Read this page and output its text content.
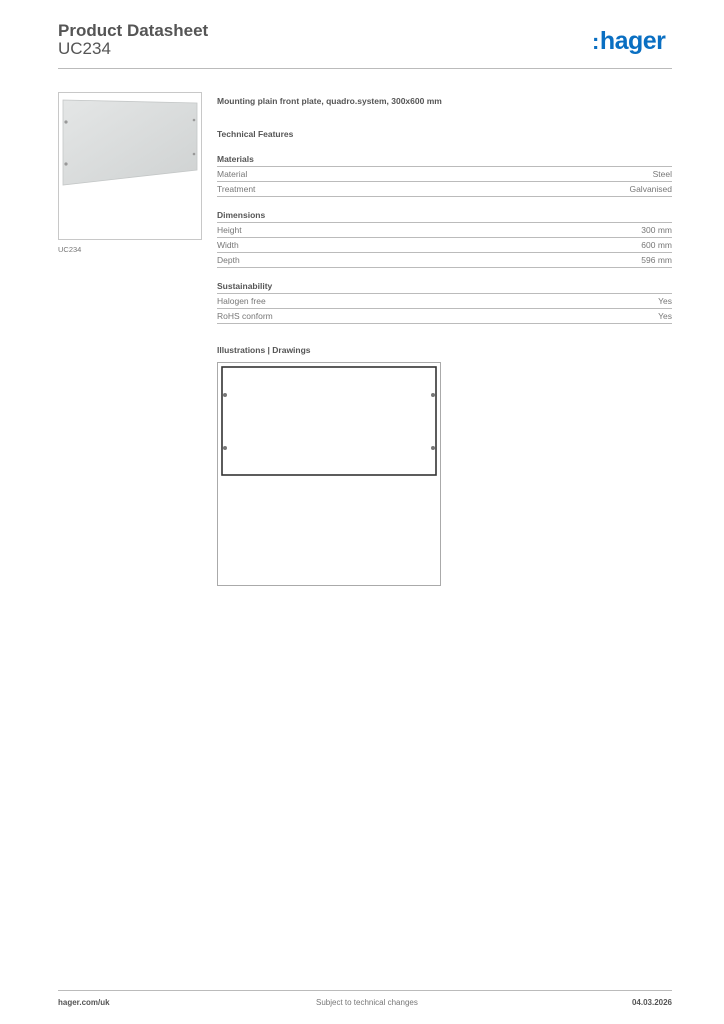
Product Datasheet
UC234	:hager
UC234
Mounting plain front plate, quadro.system, 300x600 mm
Technical Features
Materials
Material	Steel
Treatment	Galvanised
Dimensions
Height	300 mm
Width	600 mm
Depth	596 mm
Sustainability
Halogen free	Yes
RoHS conform	Yes
Illustrations | Drawings
hager.com/uk	Subject to technical changes	04.03.2026
